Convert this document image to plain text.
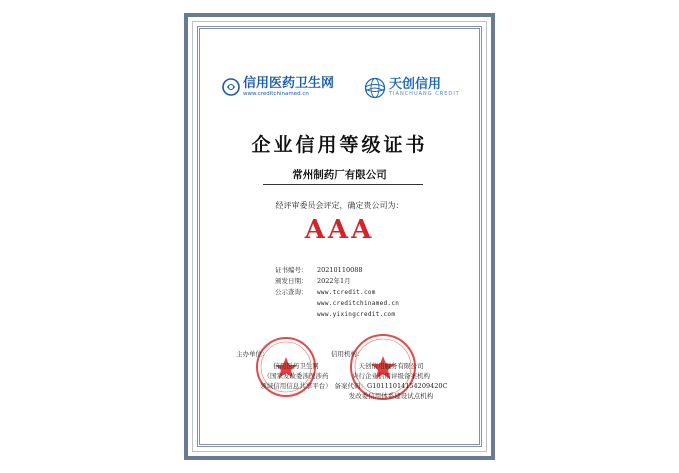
信用医药卫生网
www.creditchinamed.cn
天创信用
TIANCHUANG CREDIT
企业信用等级证书
常州制药厂有限公司
经评审委员会评定，确定贵公司为：
AAA
证书编号：	20210110088
颁发日期：	2022年1月
公示查询：	www.tcredit.com
www.creditchinamed.cn
www.yixingcredit.com
主办单位：
信用医药卫生网
（国家发改委涉医涉药
领域信用信息共享平台）
信用机构：
天创信用服务有限公司
央行企业信用评级备案机构
备案代码：G10111014154209420C
发改委信用体系建设试点机构
